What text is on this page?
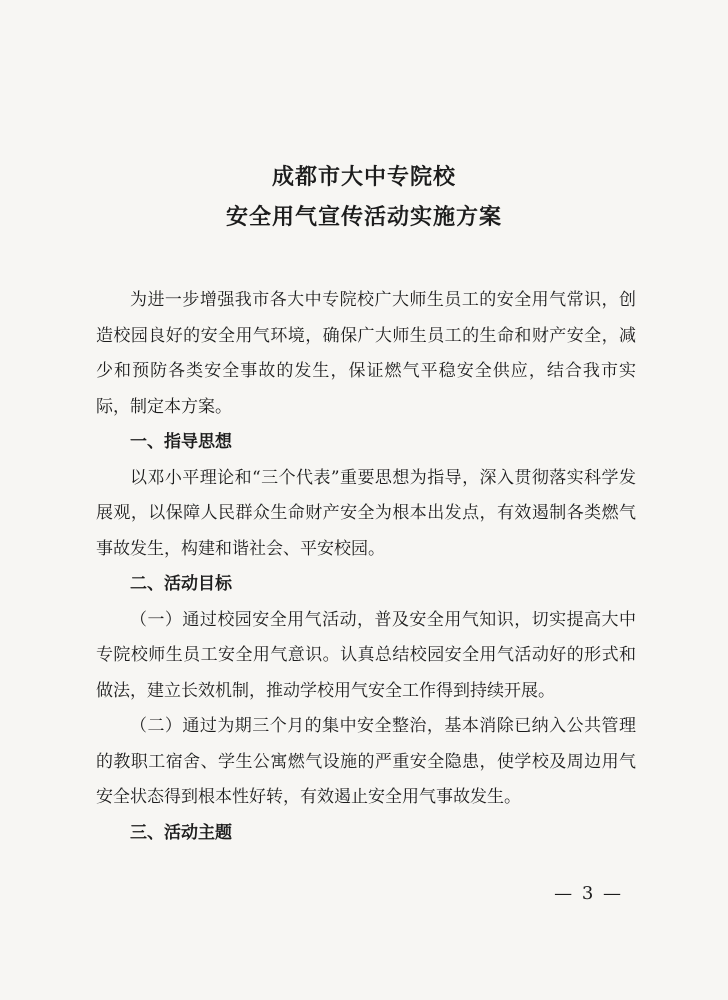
成都市大中专院校
安全用气宣传活动实施方案

为进一步增强我市各大中专院校广大师生员工的安全用气常识，创造校园良好的安全用气环境，确保广大师生员工的生命和财产安全，减少和预防各类安全事故的发生，保证燃气平稳安全供应，结合我市实际，制定本方案。

一、指导思想

以邓小平理论和“三个代表”重要思想为指导，深入贯彻落实科学发展观，以保障人民群众生命财产安全为根本出发点，有效遏制各类燃气事故发生，构建和谐社会、平安校园。

二、活动目标

（一）通过校园安全用气活动，普及安全用气知识，切实提高大中专院校师生员工安全用气意识。认真总结校园安全用气活动好的形式和做法，建立长效机制，推动学校用气安全工作得到持续开展。

（二）通过为期三个月的集中安全整治，基本消除已纳入公共管理的教职工宿舍、学生公寓燃气设施的严重安全隐患，使学校及周边用气安全状态得到根本性好转，有效遏止安全用气事故发生。

三、活动主题

— 3 —
